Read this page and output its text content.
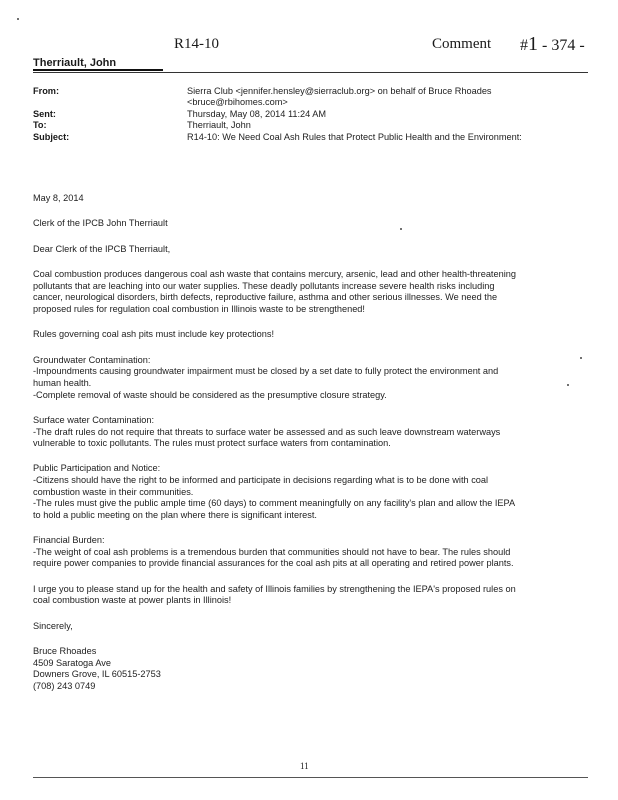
R14-10	Comment #1 - 374 -
Therriault, John
From:	Sierra Club <jennifer.hensley@sierraclub.org> on behalf of Bruce Rhoades
<bruce@rbihomes.com>
Sent:	Thursday, May 08, 2014 11:24 AM
To:	Therriault, John
Subject:	R14-10: We Need Coal Ash Rules that Protect Public Health and the Environment:

May 8, 2014

Clerk of the IPCB John Therriault

Dear Clerk of the IPCB Therriault,

Coal combustion produces dangerous coal ash waste that contains mercury, arsenic, lead and other health-threatening
pollutants that are leaching into our water supplies. These deadly pollutants increase severe health risks including
cancer, neurological disorders, birth defects, reproductive failure, asthma and other serious illnesses. We need the
proposed rules for regulation coal combustion in Illinois waste to be strengthened!

Rules governing coal ash pits must include key protections!

Groundwater Contamination:
-Impoundments causing groundwater impairment must be closed by a set date to fully protect the environment and
human health.
-Complete removal of waste should be considered as the presumptive closure strategy.

Surface water Contamination:
-The draft rules do not require that threats to surface water be assessed and as such leave downstream waterways
vulnerable to toxic pollutants. The rules must protect surface waters from contamination.

Public Participation and Notice:
-Citizens should have the right to be informed and participate in decisions regarding what is to be done with coal
combustion waste in their communities.
-The rules must give the public ample time (60 days) to comment meaningfully on any facility's plan and allow the IEPA
to hold a public meeting on the plan where there is significant interest.

Financial Burden:
-The weight of coal ash problems is a tremendous burden that communities should not have to bear. The rules should
require power companies to provide financial assurances for the coal ash pits at all operating and retired power plants.

I urge you to please stand up for the health and safety of Illinois families by strengthening the IEPA's proposed rules on
coal combustion waste at power plants in Illinois!

Sincerely,

Bruce Rhoades
4509 Saratoga Ave
Downers Grove, IL 60515-2753
(708) 243 0749

11
